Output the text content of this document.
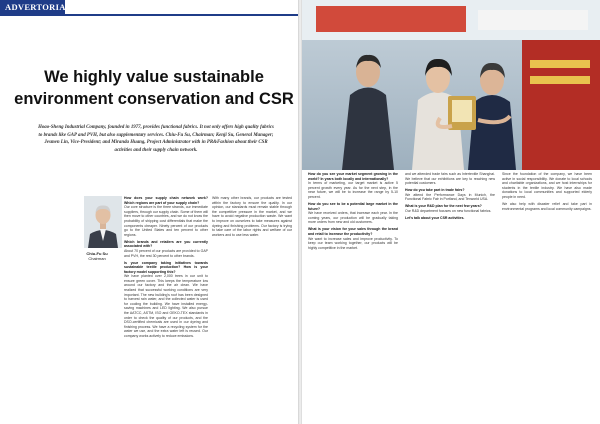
ADVERTORIAL
We highly value sustainable environment conservation and CSR

Hoao-Sheng Industrial Company, founded in 1977, provides functional fabrics. It not only offers high quality fabrics to brands like GAP and PVH, but also supplementary services. Chiu-Fu Su, Chairman; Kenji Su, General Manager; Jesmen Lin, Vice-President; and Miranda Huang, Project Administrator with in PR&Fashion about their CSR activities and their supply chain network.

Chiu-Fu Su
Chairman

How does your supply chain network work? Which regions are part of your supply chain?
Our core structure is the three strands, our immediate suppliers, through our supply chain. Some of them will then move to other countries, and we do not know the probability of shipping cost differentials that make the components cheaper. Ninety percent of our products go to the United States and ten percent to other regions.

Which brands and retailers are you currently associated with?
About 70 percent of our products are provided to GAP and PVH, the rest 30 percent to other brands.

Is your company taking initiatives towards sustainable textile production? How is your factory model supporting this?
We have planted over 2,000 trees in our unit to ensure green cover. This keeps the temperature low around our factory and the air clean. We have realized that successful working conditions are very important. The new building's roof has been designed to harvest rain water, and the collected water is used for cooling the building. We have installed energy-saving machines and LED lighting. We also pursue the AATCC, ASTM, ISO and OEKO-TEX standards in order to check the quality of our products, and the DSO-certified chemicals are used in our dyeing and finishing process. We have a recycling system for the water we use, and the extra water left is reused. Our company works actively to reduce emissions.

With many other brands, our products are tested within the factory to ensure the quality. In our opinion, our standards must remain stable through the competitive pressure in the market, and we have to avoid negative production waste. We want to improve on ourselves to take measures against dyeing and finishing problems. Our factory is trying to take care of the labor rights and welfare of our workers and to use less water.

How do you see your market segment growing in the world? In years both locally and internationally?
In terms of marketing, our target market is active 5 percent growth every year. As for the next step, in the near future, we will be to increase the range by 5-10 percent.

How do you see to be a potential large market in the future?
We have received orders, that increase each year. In the coming years, our production will be gradually taking more orders from new and old customers.

What is your vision for your sales through the brand and retail to increase the productivity?
We want to increase sales and improve productivity. To keep our team working together, our products will be highly competitive in the market.

and we attended trade fairs such as Intertextile Shanghai. We believe that our exhibitions are key to reaching new potential customers.

How do you take part in trade fairs?
We attend the Performance Days in Munich, the Functional Fabric Fair in Portland, and Texworld USA.

What is your R&D plan for the next few years?
Our R&D department focuses on new functional fabrics.

Let's talk about your CSR activities.

Since the foundation of the company, we have been active in social responsibility. We donate to local schools and charitable organizations, and we host internships for students in the textile industry. We have also made donations to local communities and supported elderly people in need.

We also help with disaster relief and take part in environmental programs and local community campaigns.
